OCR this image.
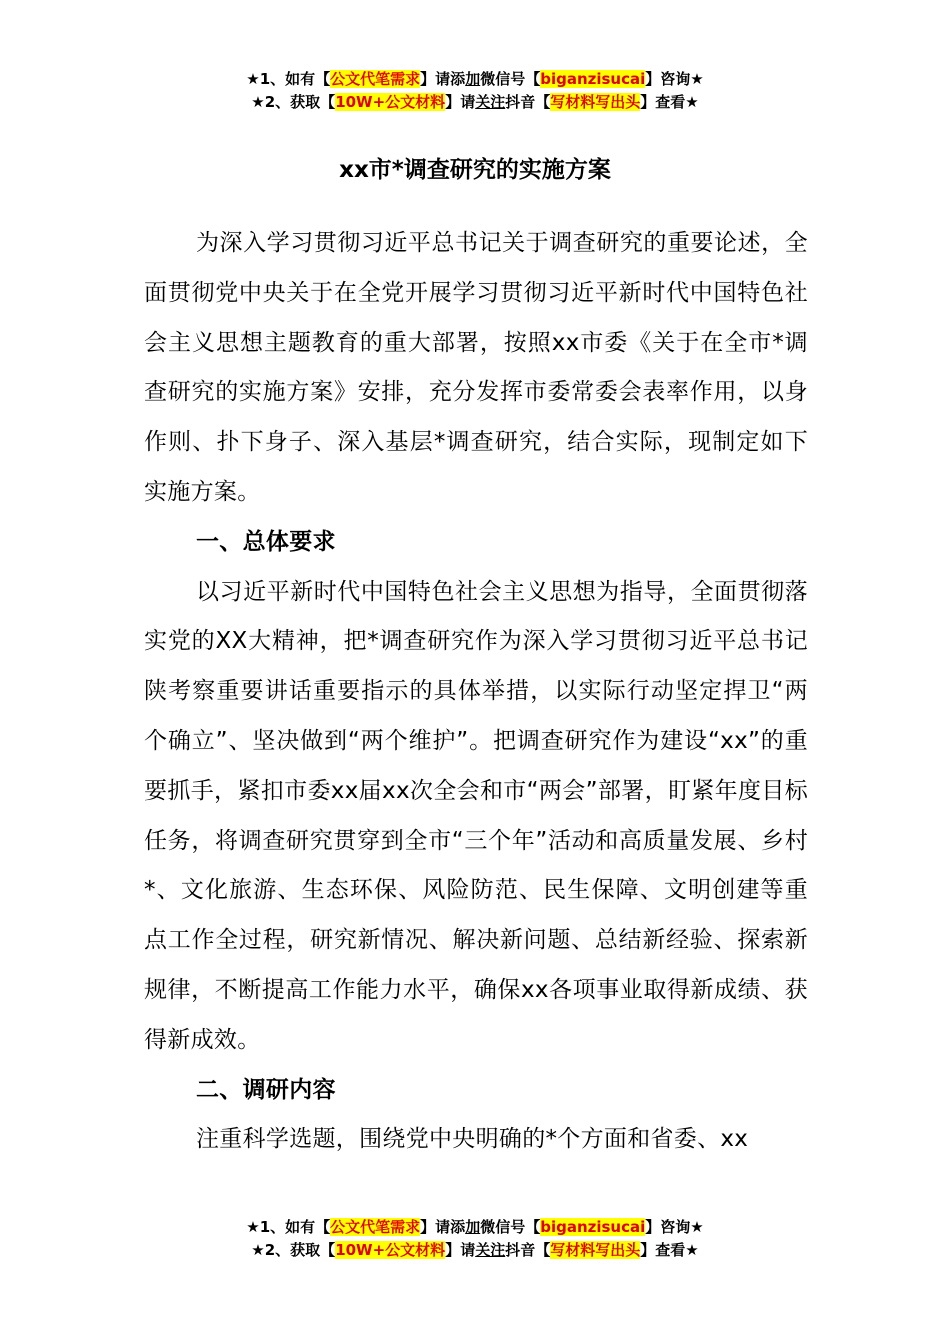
★1、如有【公文代笔需求】请添加微信号【biganzisucai】咨询★
★2、获取【10W+公文材料】请关注抖音【写材料写出头】查看★
xx市*调查研究的实施方案

为深入学习贯彻习近平总书记关于调查研究的重要论述，全面贯彻党中央关于在全党开展学习贯彻习近平新时代中国特色社会主义思想主题教育的重大部署，按照xx市委《关于在全市*调查研究的实施方案》安排，充分发挥市委常委会表率作用，以身作则、扑下身子、深入基层*调查研究，结合实际，现制定如下实施方案。

一、总体要求

以习近平新时代中国特色社会主义思想为指导，全面贯彻落实党的XX大精神，把*调查研究作为深入学习贯彻习近平总书记陕考察重要讲话重要指示的具体举措，以实际行动坚定捍卫“两个确立”、坚决做到“两个维护”。把调查研究作为建设“xx”的重要抓手，紧扣市委xx届xx次全会和市“两会”部署，盯紧年度目标任务，将调查研究贯穿到全市“三个年”活动和高质量发展、乡村*、文化旅游、生态环保、风险防范、民生保障、文明创建等重点工作全过程，研究新情况、解决新问题、总结新经验、探索新规律，不断提高工作能力水平，确保xx各项事业取得新成绩、获得新成效。

二、调研内容

注重科学选题，围绕党中央明确的*个方面和省委、xx

★1、如有【公文代笔需求】请添加微信号【biganzisucai】咨询★
★2、获取【10W+公文材料】请关注抖音【写材料写出头】查看★
